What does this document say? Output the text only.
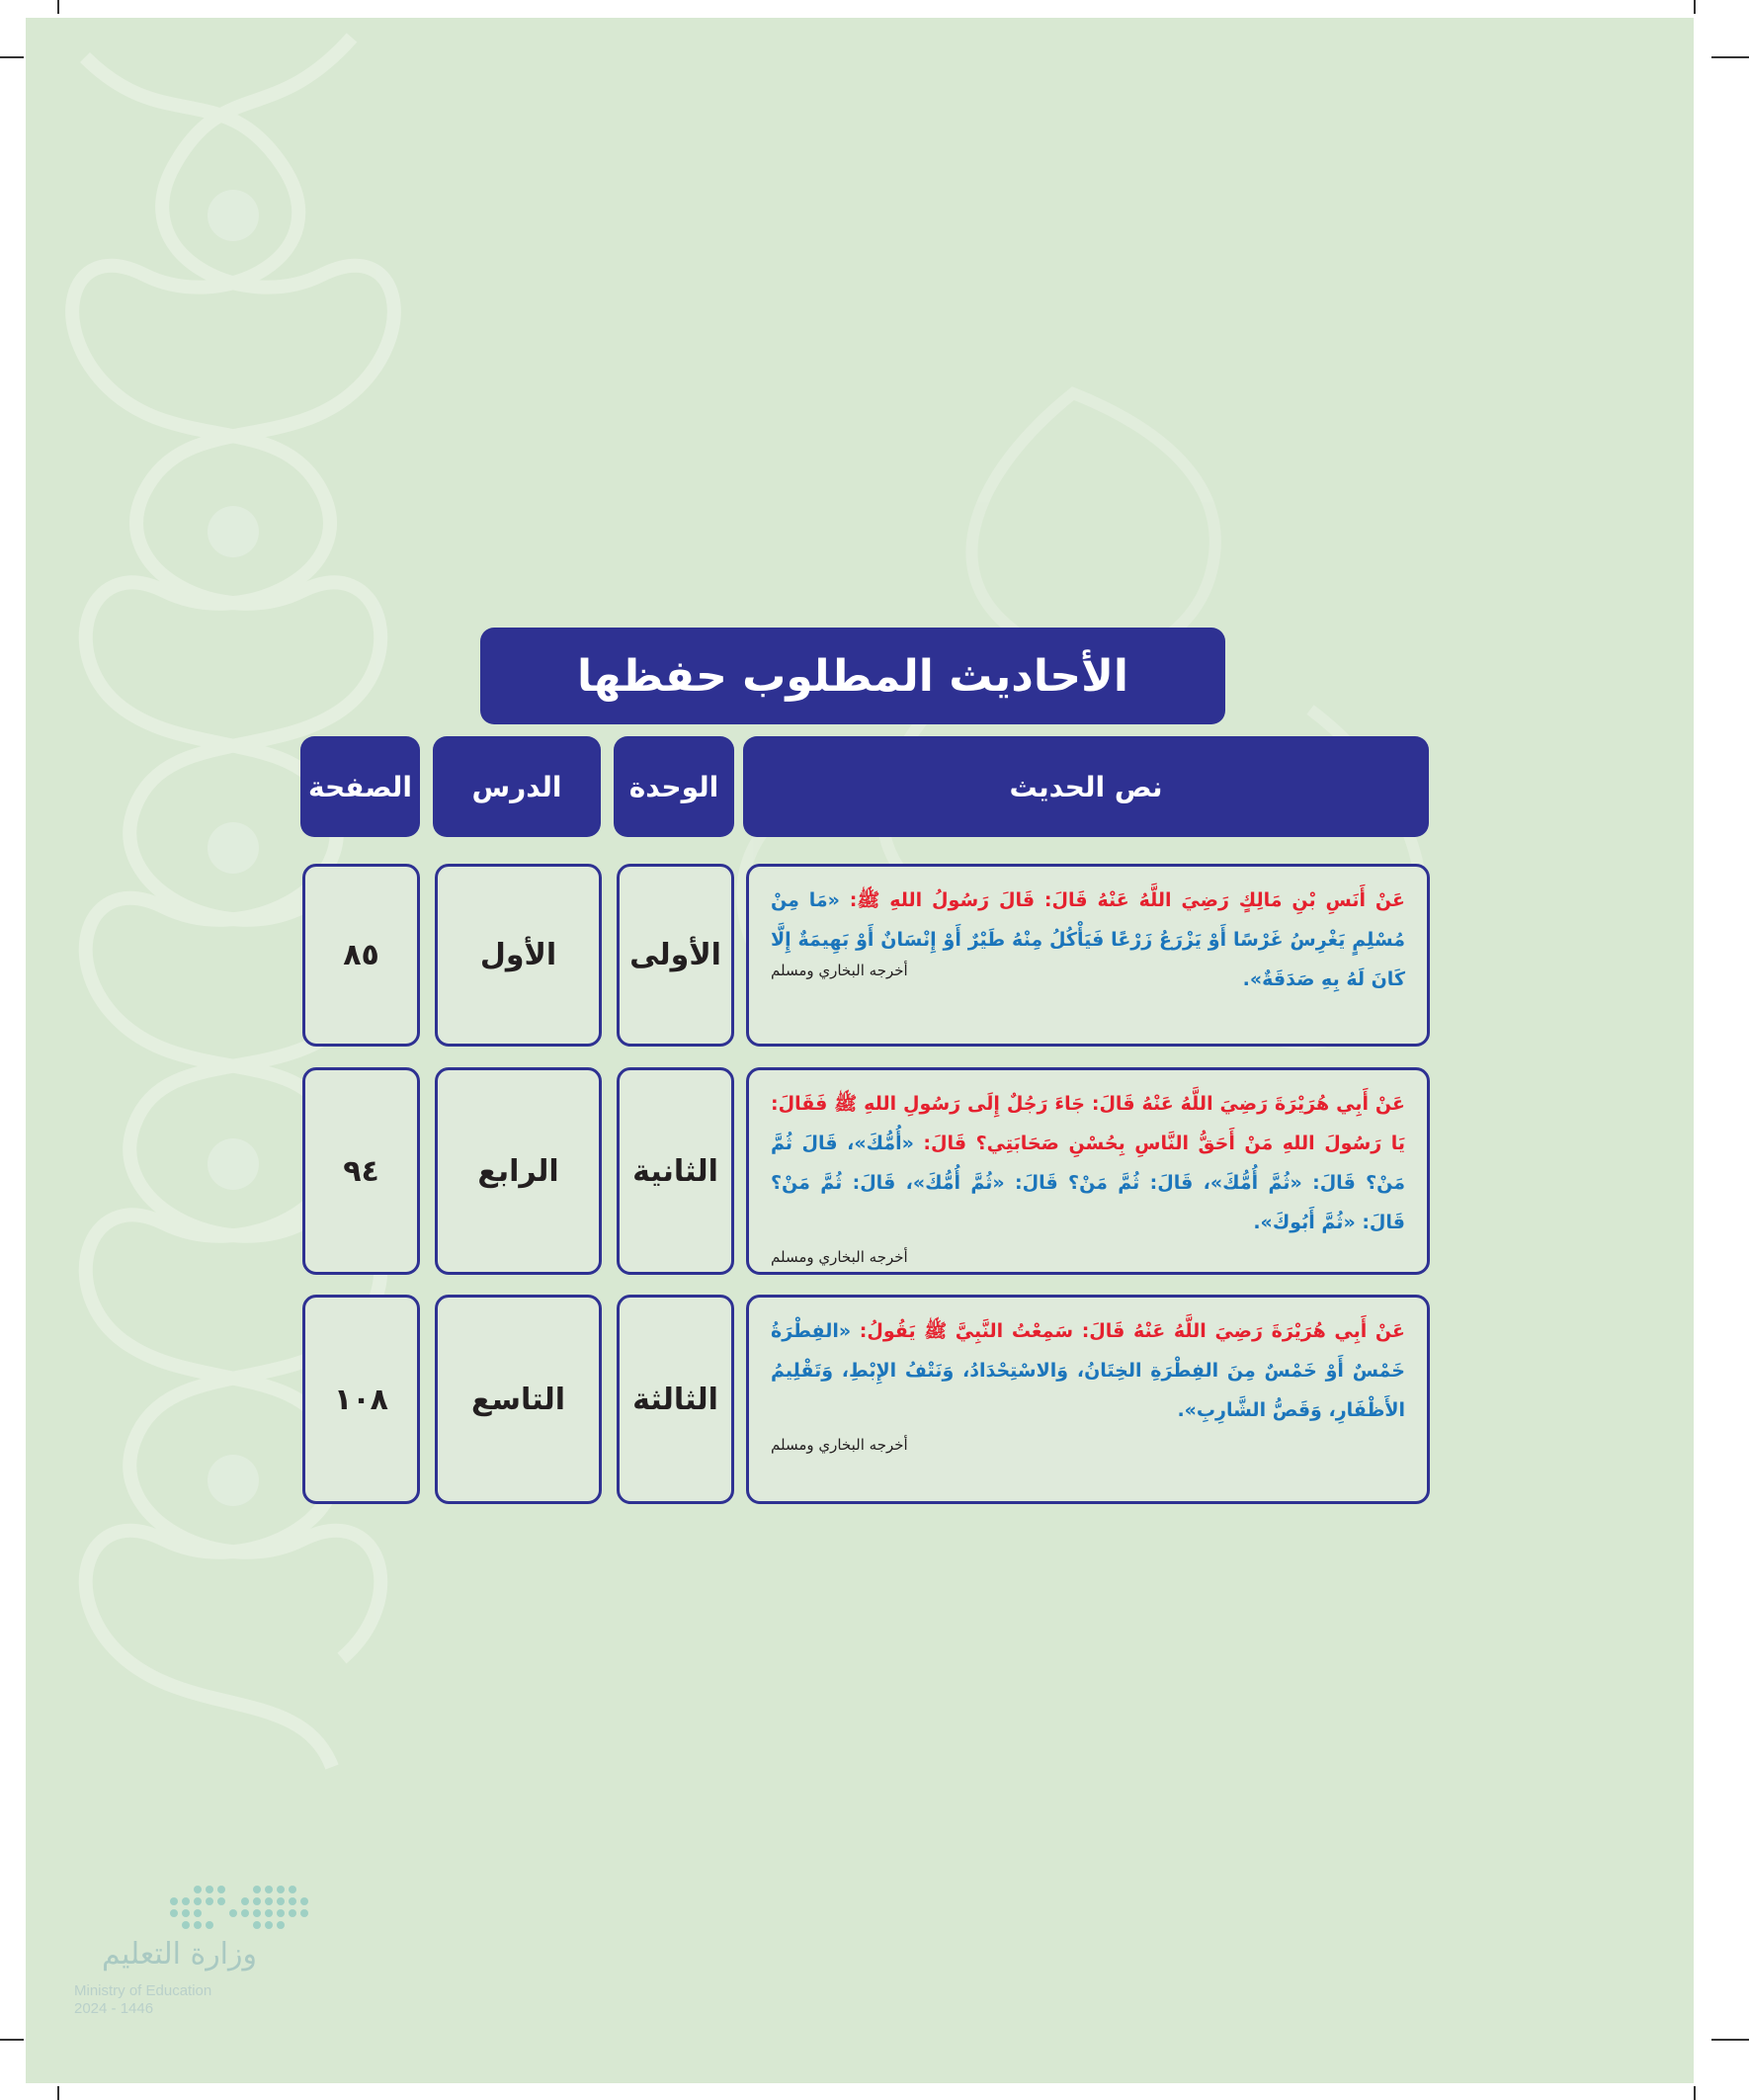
الأحاديث المطلوب حفظها
نص الحديث
الوحدة
الدرس
الصفحة
عَنْ أَنَسِ بْنِ مَالِكٍ رَضِيَ اللَّهُ عَنْهُ قَالَ: قَالَ رَسُولُ اللهِ ﷺ: «مَا مِنْ مُسْلِمٍ يَغْرِسُ غَرْسًا أَوْ يَزْرَعُ زَرْعًا فَيَأْكُلُ مِنْهُ طَيْرٌ أَوْ إِنْسَانٌ أَوْ بَهِيمَةٌ إِلَّا كَانَ لَهُ بِهِ صَدَقَةٌ».
أخرجه البخاري ومسلم
الأولى
الأول
٨٥
عَنْ أَبِي هُرَيْرَةَ رَضِيَ اللَّهُ عَنْهُ قَالَ: جَاءَ رَجُلٌ إِلَى رَسُولِ اللهِ ﷺ فَقَالَ: يَا رَسُولَ اللهِ مَنْ أَحَقُّ النَّاسِ بِحُسْنِ صَحَابَتِي؟ قَالَ: «أُمُّكَ»، قَالَ ثُمَّ مَنْ؟ قَالَ: «ثُمَّ أُمُّكَ»، قَالَ: ثُمَّ مَنْ؟ قَالَ: «ثُمَّ أُمُّكَ»، قَالَ: ثُمَّ مَنْ؟ قَالَ: «ثُمَّ أَبُوكَ».
أخرجه البخاري ومسلم
الثانية
الرابع
٩٤
عَنْ أَبِي هُرَيْرَةَ رَضِيَ اللَّهُ عَنْهُ قَالَ: سَمِعْتُ النَّبِيَّ ﷺ يَقُولُ: «الفِطْرَةُ خَمْسٌ أَوْ خَمْسٌ مِنَ الفِطْرَةِ الخِتَانُ، وَالاسْتِحْدَادُ، وَنَتْفُ الإِبْطِ، وَتَقْلِيمُ الأَظْفَارِ، وَقَصُّ الشَّارِبِ».
أخرجه البخاري ومسلم
الثالثة
التاسع
١٠٨
وزارة التعليم
Ministry of Education
2024 - 1446
